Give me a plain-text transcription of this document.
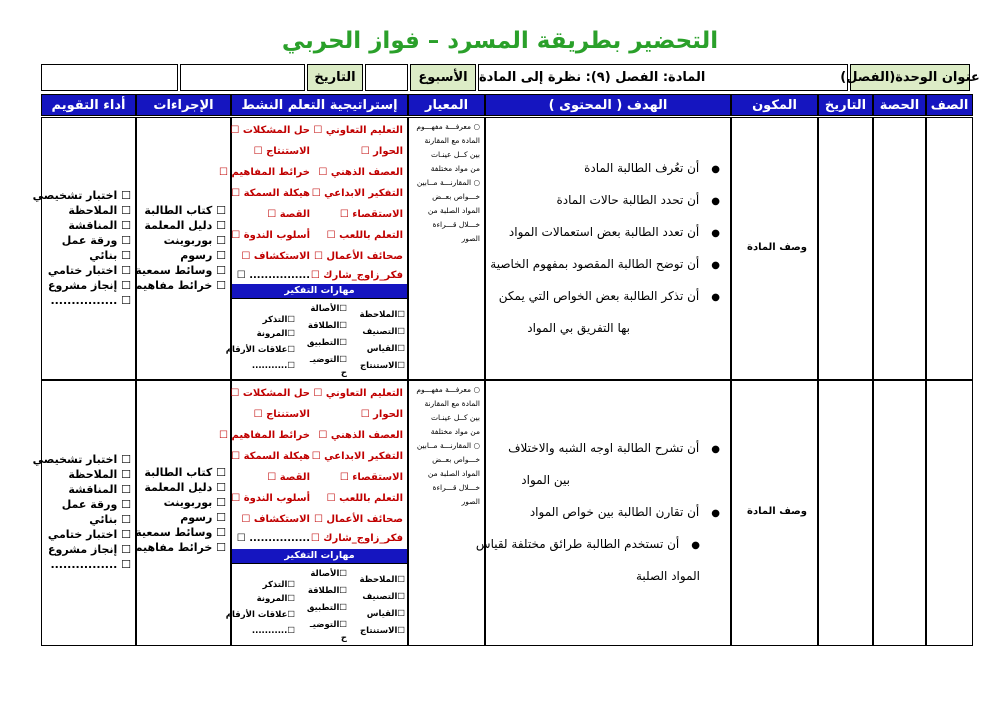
التحضير بطريقة المسرد – فواز الحربي
عنوان الوحدة(الفصل)
المادة: الفصل (٩): نظرة إلى المادة
الأسبوع
التاريخ
الصف
الحصة
التاريخ
المكون
الهدف ( المحتوى )
المعيار
إستراتيجية التعلم النشط
الإجراءات
أداء التقويم
وصف المادة
●أن تعُرف الطالبة المادة
●أن تحدد الطالبة حالات المادة
●أن تعدد الطالبة بعض استعمالات المواد
●أن توضح الطالبة المقصود بمفهوم الخاصية
●أن تذكر الطالبة بعض الخواص التي يمكن
بها التفريق بي المواد
○ معرفـــة مفهـــوم
المادة مع المقارنة
بين كــل عينـات
من مواد مختلفة
○ المقارنـــة مــابين
خـــواص بعــض
المواد الصلبة من
خـــلال قـــراءة
الصور
التعليم التعاوني ☐
الحوار ☐
العصف الذهني ☐
التفكير الابداعي ☐
الاستقصاء ☐
التعلم باللعب ☐
صحائف الأعمال ☐
فكر_زاوج_شارك ☐
حل المشكلات ☐
الاستنتاج ☐
خرائط المفاهيم ☐
هيكلة السمكة ☐
القصة ☐
أسلوب الندوة ☐
الاستكشاف ☐
................ ☐
مهارات التفكير
☐الملاحظة
☐التصنيف
☐القياس
☐الاستنتاج
☐الأصالة
☐الطلاقة
☐التطبيق
☐التوضيـ
ح
☐التذكر
☐المرونة
☐علاقات الأرقام
☐...........
☐ كتاب الطالبة
☐ دليل المعلمة
☐ بوربوينت
☐ رسوم
☐ وسائط سمعية
☐ خرائط مفاهيم
☐ اختبار تشخيصي
☐ الملاحظة
☐ المناقشة
☐ ورقة عمل
☐ بنائي
☐ اختبار ختامي
☐ إنجاز مشروع
☐ ................
وصف المادة
●أن تشرح الطالبة اوجه الشبه والاختلاف
بين المواد
●أن تقارن الطالبة بين خواص المواد
●أن تستخدم الطالبة طرائق مختلفة لقياس
المواد الصلبة
○ معرفـــة مفهـــوم
المادة مع المقارنة
بين كــل عينـات
من مواد مختلفة
○ المقارنـــة مــابين
خـــواص بعــض
المواد الصلبة من
خـــلال قـــراءة
الصور
التعليم التعاوني ☐
الحوار ☐
العصف الذهني ☐
التفكير الابداعي ☐
الاستقصاء ☐
التعلم باللعب ☐
صحائف الأعمال ☐
فكر_زاوج_شارك ☐
حل المشكلات ☐
الاستنتاج ☐
خرائط المفاهيم ☐
هيكلة السمكة ☐
القصة ☐
أسلوب الندوة ☐
الاستكشاف ☐
................ ☐
مهارات التفكير
☐الملاحظة
☐التصنيف
☐القياس
☐الاستنتاج
☐الأصالة
☐الطلاقة
☐التطبيق
☐التوضيـ
ح
☐التذكر
☐المرونة
☐علاقات الأرقام
☐...........
☐ كتاب الطالبة
☐ دليل المعلمة
☐ بوربوينت
☐ رسوم
☐ وسائط سمعية
☐ خرائط مفاهيم
☐ اختبار تشخيصي
☐ الملاحظة
☐ المناقشة
☐ ورقة عمل
☐ بنائي
☐ اختبار ختامي
☐ إنجاز مشروع
☐ ................
